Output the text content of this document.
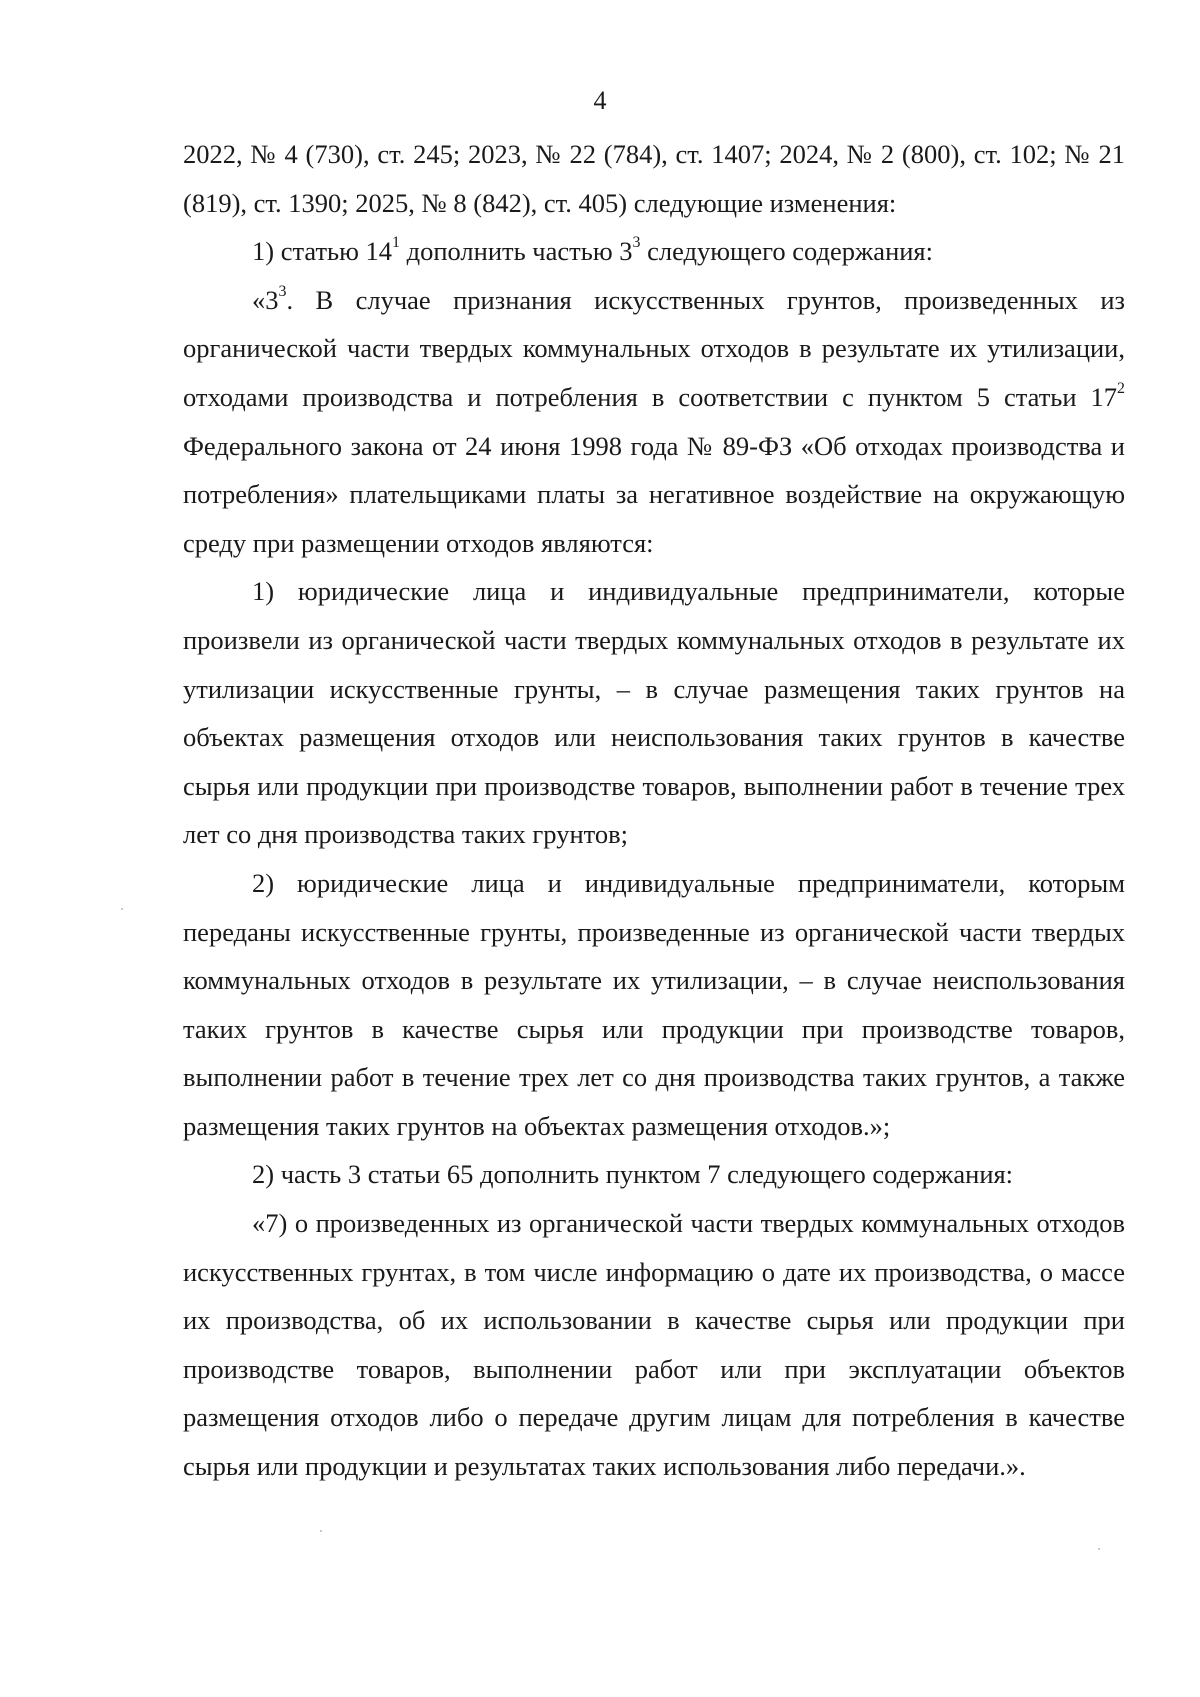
4

2022, № 4 (730), ст. 245; 2023, № 22 (784), ст. 1407; 2024, № 2 (800), ст. 102; № 21 (819), ст. 1390; 2025, № 8 (842), ст. 405) следующие изменения:

1) статью $14^1$ дополнить частью $3^3$ следующего содержания:

«$3^3$. В случае признания искусственных грунтов, произведенных из органической части твердых коммунальных отходов в результате их утилизации, отходами производства и потребления в соответствии с пунктом 5 статьи $17^2$ Федерального закона от 24 июня 1998 года № 89-ФЗ «Об отходах производства и потребления» плательщиками платы за негативное воздействие на окружающую среду при размещении отходов являются:

1) юридические лица и индивидуальные предприниматели, которые произвели из органической части твердых коммунальных отходов в результате их утилизации искусственные грунты, – в случае размещения таких грунтов на объектах размещения отходов или неиспользования таких грунтов в качестве сырья или продукции при производстве товаров, выполнении работ в течение трех лет со дня производства таких грунтов;

2) юридические лица и индивидуальные предприниматели, которым переданы искусственные грунты, произведенные из органической части твердых коммунальных отходов в результате их утилизации, – в случае неиспользования таких грунтов в качестве сырья или продукции при производстве товаров, выполнении работ в течение трех лет со дня производства таких грунтов, а также размещения таких грунтов на объектах размещения отходов.»;

2) часть 3 статьи 65 дополнить пунктом 7 следующего содержания:

«7) о произведенных из органической части твердых коммунальных отходов искусственных грунтах, в том числе информацию о дате их производства, о массе их производства, об их использовании в качестве сырья или продукции при производстве товаров, выполнении работ или при эксплуатации объектов размещения отходов либо о передаче другим лицам для потребления в качестве сырья или продукции и результатах таких использования либо передачи.».
